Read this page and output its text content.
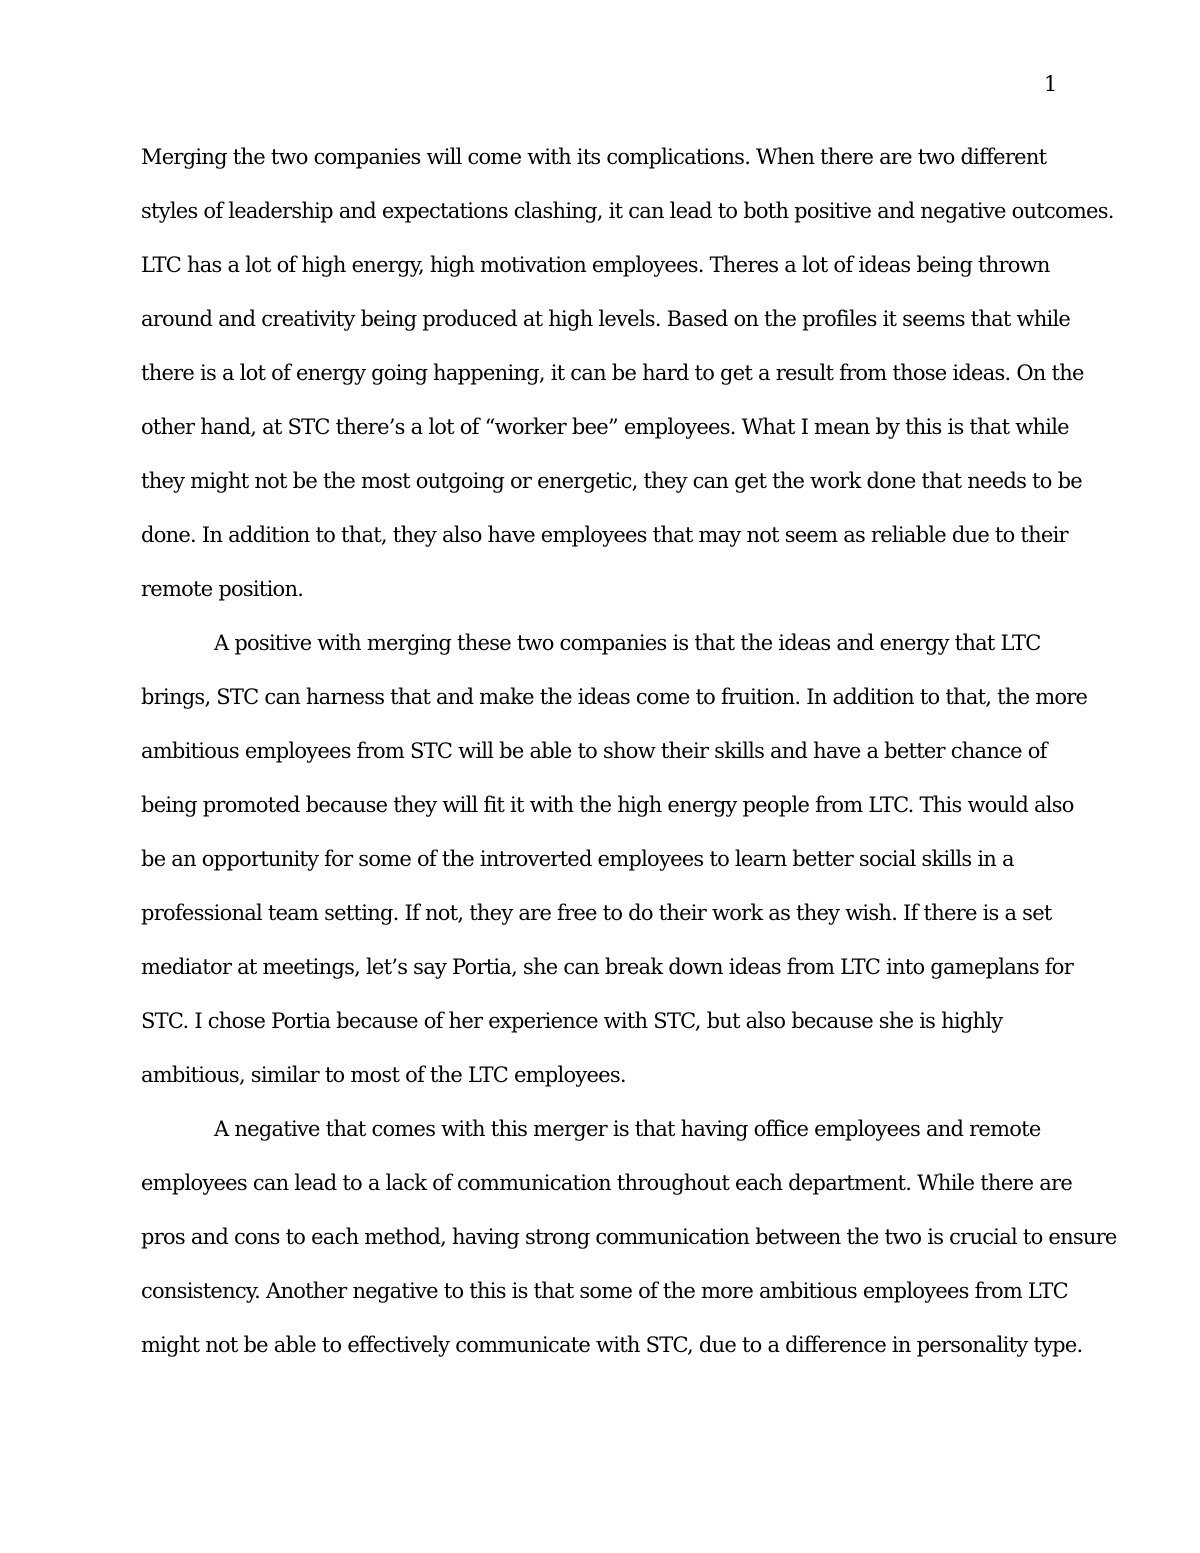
1
Merging the two companies will come with its complications. When there are two different
styles of leadership and expectations clashing, it can lead to both positive and negative outcomes.
LTC has a lot of high energy, high motivation employees. Theres a lot of ideas being thrown
around and creativity being produced at high levels. Based on the profiles it seems that while
there is a lot of energy going happening, it can be hard to get a result from those ideas. On the
other hand, at STC there’s a lot of “worker bee” employees. What I mean by this is that while
they might not be the most outgoing or energetic, they can get the work done that needs to be
done. In addition to that, they also have employees that may not seem as reliable due to their
remote position.
A positive with merging these two companies is that the ideas and energy that LTC
brings, STC can harness that and make the ideas come to fruition. In addition to that, the more
ambitious employees from STC will be able to show their skills and have a better chance of
being promoted because they will fit it with the high energy people from LTC. This would also
be an opportunity for some of the introverted employees to learn better social skills in a
professional team setting. If not, they are free to do their work as they wish. If there is a set
mediator at meetings, let’s say Portia, she can break down ideas from LTC into gameplans for
STC. I chose Portia because of her experience with STC, but also because she is highly
ambitious, similar to most of the LTC employees.
A negative that comes with this merger is that having office employees and remote
employees can lead to a lack of communication throughout each department. While there are
pros and cons to each method, having strong communication between the two is crucial to ensure
consistency. Another negative to this is that some of the more ambitious employees from LTC
might not be able to effectively communicate with STC, due to a difference in personality type.
